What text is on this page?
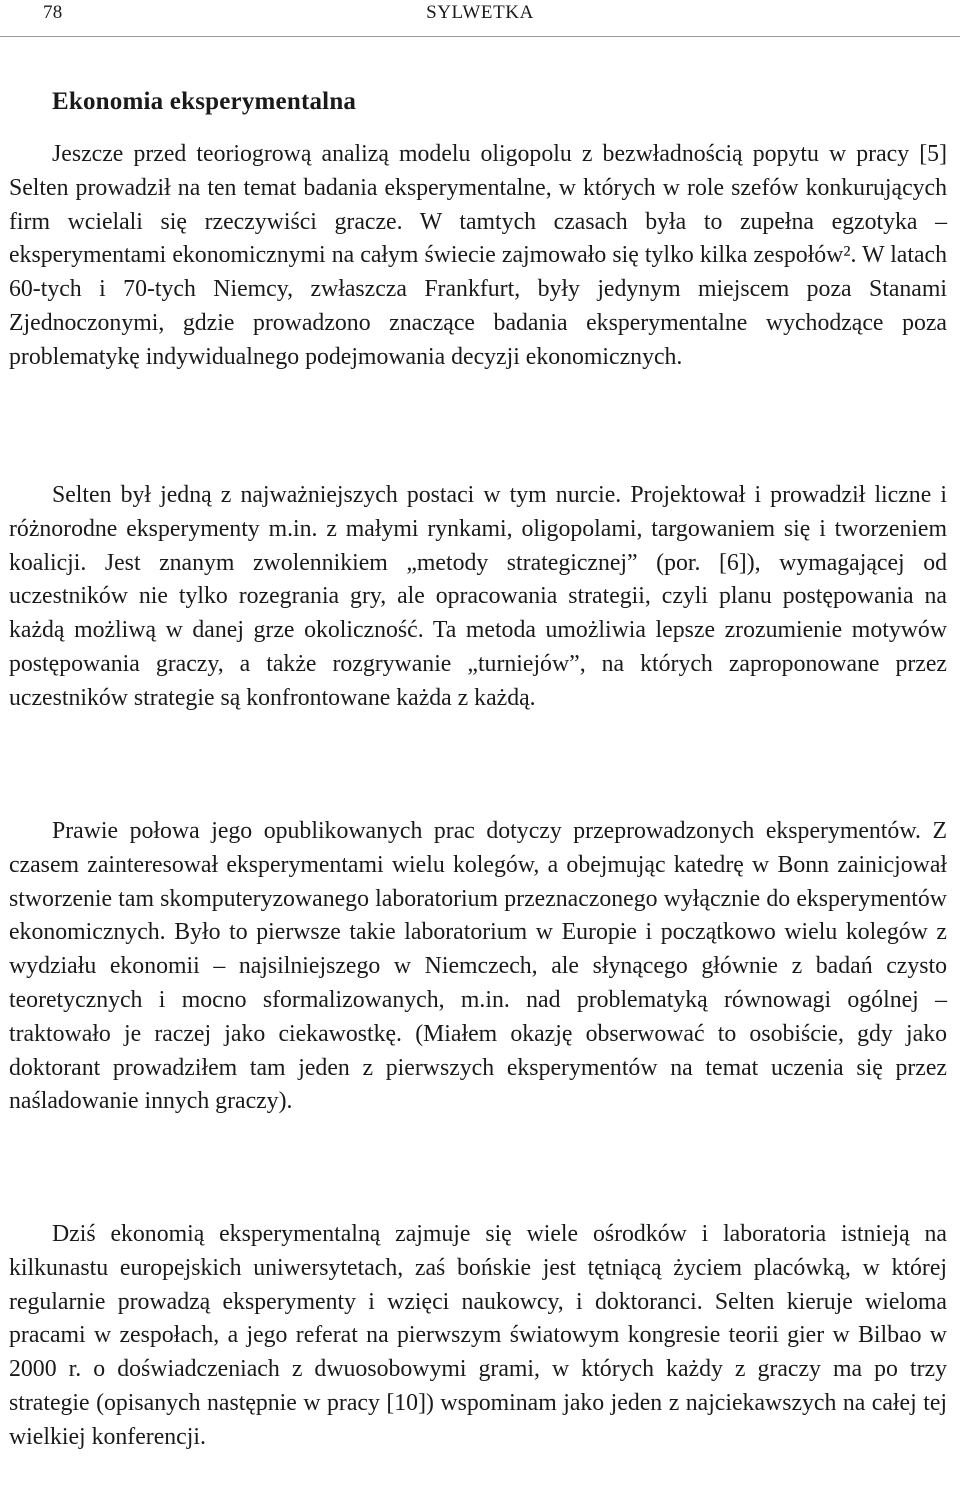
78	SYLWETKA
Ekonomia eksperymentalna

Jeszcze przed teoriogrową analizą modelu oligopolu z bezwładnością popytu w pracy [5] Selten prowadził na ten temat badania eksperymentalne, w których w role szefów konkurujących firm wcielali się rzeczywiści gracze. W tamtych czasach była to zupełna egzotyka – eksperymentami ekonomicznymi na całym świecie zajmowało się tylko kilka zespołów². W latach 60-tych i 70-tych Niemcy, zwłaszcza Frankfurt, były jedynym miejscem poza Stanami Zjednoczonymi, gdzie prowadzono znaczące badania eksperymentalne wychodzące poza problematykę indywidualnego podejmowania decyzji ekonomicznych.

Selten był jedną z najważniejszych postaci w tym nurcie. Projektował i prowadził liczne i różnorodne eksperymenty m.in. z małymi rynkami, oligopolami, targowaniem się i tworzeniem koalicji. Jest znanym zwolennikiem „metody strategicznej” (por. [6]), wymagającej od uczestników nie tylko rozegrania gry, ale opracowania strategii, czyli planu postępowania na każdą możliwą w danej grze okoliczność. Ta metoda umożliwia lepsze zrozumienie motywów postępowania graczy, a także rozgrywanie „turniejów”, na których zaproponowane przez uczestników strategie są konfrontowane każda z każdą.

Prawie połowa jego opublikowanych prac dotyczy przeprowadzonych eksperymentów. Z czasem zainteresował eksperymentami wielu kolegów, a obejmując katedrę w Bonn zainicjował stworzenie tam skomputeryzowanego laboratorium przeznaczonego wyłącznie do eksperymentów ekonomicznych. Było to pierwsze takie laboratorium w Europie i początkowo wielu kolegów z wydziału ekonomii – najsilniejszego w Niemczech, ale słynącego głównie z badań czysto teoretycznych i mocno sformalizowanych, m.in. nad problematyką równowagi ogólnej – traktowało je raczej jako ciekawostkę. (Miałem okazję obserwować to osobiście, gdy jako doktorant prowadziłem tam jeden z pierwszych eksperymentów na temat uczenia się przez naśladowanie innych graczy).

Dziś ekonomią eksperymentalną zajmuje się wiele ośrodków i laboratoria istnieją na kilkunastu europejskich uniwersytetach, zaś bońskie jest tętniącą życiem placówką, w której regularnie prowadzą eksperymenty i wzięci naukowcy, i doktoranci. Selten kieruje wieloma pracami w zespołach, a jego referat na pierwszym światowym kongresie teorii gier w Bilbao w 2000 r. o doświadczeniach z dwuosobowymi grami, w których każdy z graczy ma po trzy strategie (opisanych następnie w pracy [10]) wspominam jako jeden z najciekawszych na całej tej wielkiej konferencji.
